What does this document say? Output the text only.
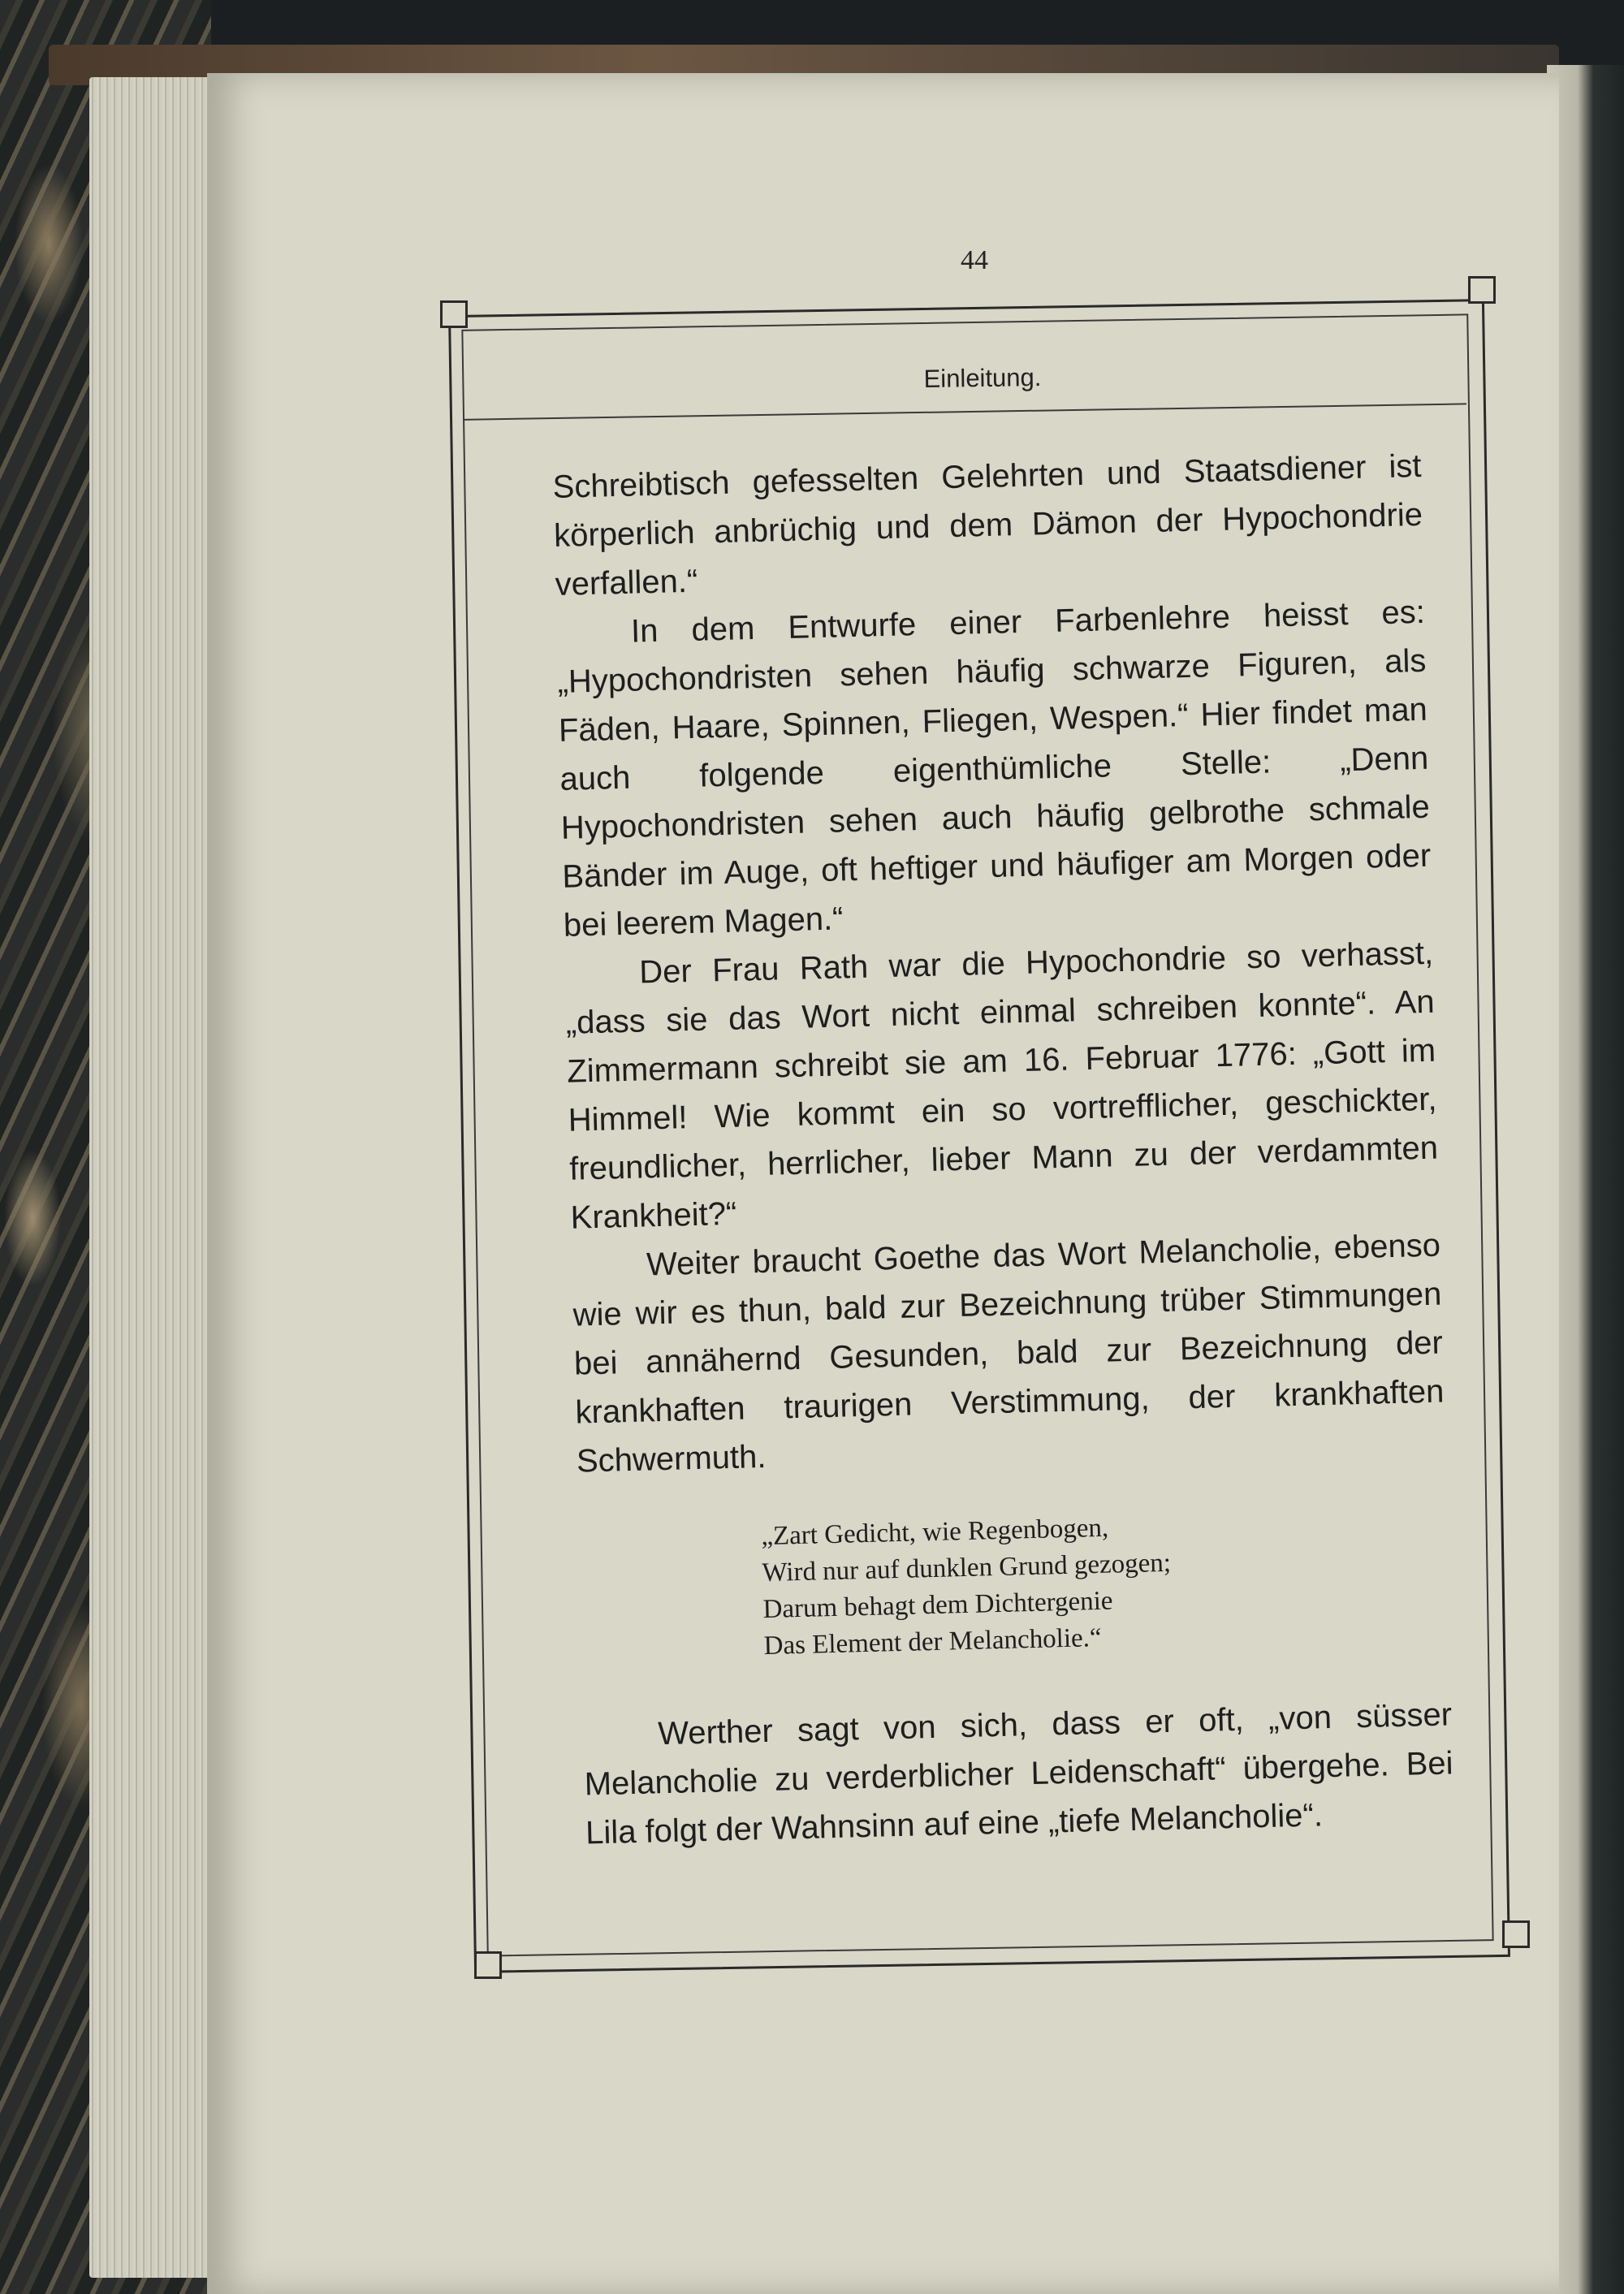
44
Einleitung.

Schreibtisch gefesselten Gelehrten und Staatsdiener ist körperlich anbrüchig und dem Dämon der Hypochondrie verfallen.“

In dem Entwurfe einer Farbenlehre heisst es: „Hypochondristen sehen häufig schwarze Figuren, als Fäden, Haare, Spinnen, Fliegen, Wespen.“ Hier findet man auch folgende eigenthümliche Stelle: „Denn Hypochondristen sehen auch häufig gelbrothe schmale Bänder im Auge, oft heftiger und häufiger am Morgen oder bei leerem Magen.“

Der Frau Rath war die Hypochondrie so verhasst, „dass sie das Wort nicht einmal schreiben konnte“. An Zimmermann schreibt sie am 16. Februar 1776: „Gott im Himmel! Wie kommt ein so vortrefflicher, geschickter, freundlicher, herrlicher, lieber Mann zu der verdammten Krankheit?“

Weiter braucht Goethe das Wort Melancholie, ebenso wie wir es thun, bald zur Bezeichnung trüber Stimmungen bei annähernd Gesunden, bald zur Bezeichnung der krankhaften traurigen Verstimmung, der krankhaften Schwermuth.

„Zart Gedicht, wie Regenbogen,
Wird nur auf dunklen Grund gezogen;
Darum behagt dem Dichtergenie
Das Element der Melancholie.“

Werther sagt von sich, dass er oft, „von süsser Melancholie zu verderblicher Leidenschaft“ übergehe. Bei Lila folgt der Wahnsinn auf eine „tiefe Melancholie“.
